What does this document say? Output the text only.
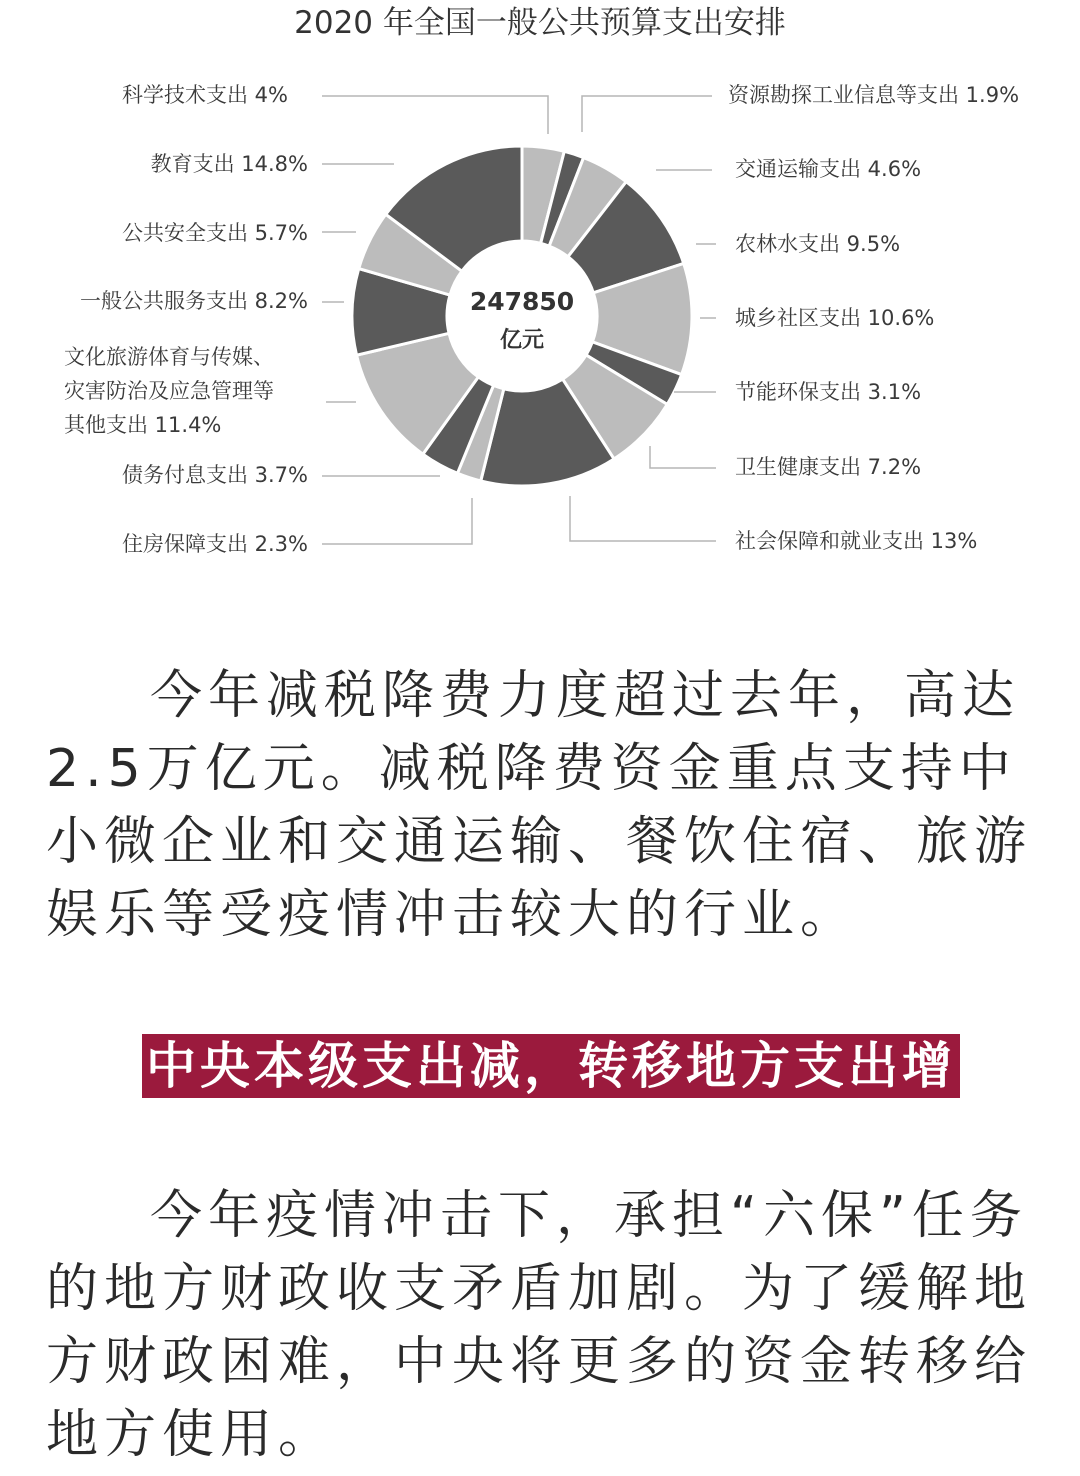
2020 年全国一般公共预算支出安排
247850
亿元
科学技术支出 4%	资源勘探工业信息等支出 1.9%
交通运输支出 4.6%
农林水支出 9.5%
城乡社区支出 10.6%
节能环保支出 3.1%
卫生健康支出 7.2%
社会保障和就业支出 13%
住房保障支出 2.3%
债务付息支出 3.7%
文化旅游体育与传媒、灾害防治及应急管理等其他支出 11.4%
一般公共服务支出 8.2%
公共安全支出 5.7%
教育支出 14.8%

今年减税降费力度超过去年，高达2.5万亿元。减税降费资金重点支持中小微企业和交通运输、餐饮住宿、旅游娱乐等受疫情冲击较大的行业。

中央本级支出减，转移地方支出增

今年疫情冲击下，承担“六保”任务的地方财政收支矛盾加剧。为了缓解地方财政困难，中央将更多的资金转移给地方使用。
